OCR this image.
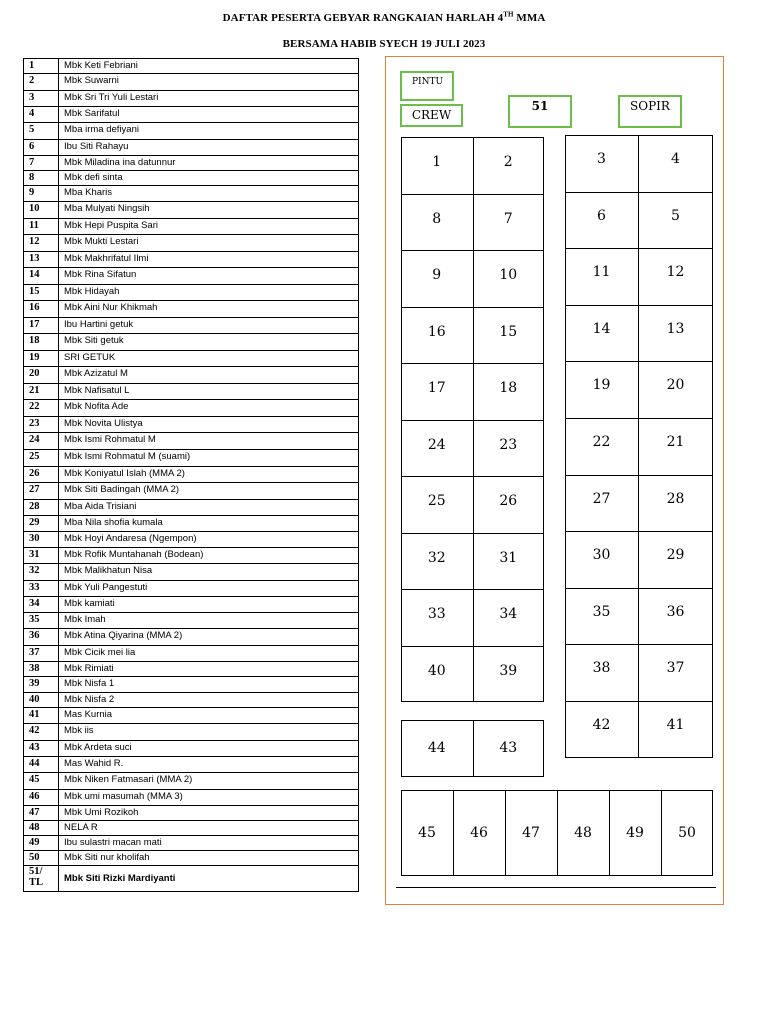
DAFTAR PESERTA GEBYAR RANGKAIAN HARLAH 4TH MMA
BERSAMA HABIB SYECH 19 JULI 2023
1	Mbk Keti Febriani
2	Mbk Suwarni
3	Mbk Sri Tri Yuli Lestari
4	Mbk Sarifatul
5	Mba irma defiyani
6	Ibu Siti Rahayu
7	Mbk Miladina ina datunnur
8	Mbk defi sinta
9	Mba Kharis
10	Mba Mulyati Ningsih
11	Mbk Hepi Puspita Sari
12	Mbk Mukti Lestari
13	Mbk Makhrifatul Ilmi
14	Mbk Rina Sifatun
15	Mbk Hidayah
16	Mbk Aini Nur Khikmah
17	Ibu Hartini getuk
18	Mbk Siti getuk
19	SRI GETUK
20	Mbk Azizatul M
21	Mbk Nafisatul L
22	Mbk Nofita Ade
23	Mbk Novita Ulistya
24	Mbk Ismi Rohmatul M
25	Mbk Ismi Rohmatul M (suami)
26	Mbk Koniyatul Islah (MMA 2)
27	Mbk Siti Badingah (MMA 2)
28	Mba Aida Trisiani
29	Mba Nila shofia kumala
30	Mbk Hoyi Andaresa (Ngempon)
31	Mbk Rofik Muntahanah (Bodean)
32	Mbk Malikhatun Nisa
33	Mbk Yuli Pangestuti
34	Mbk kamiati
35	Mbk Imah
36	Mbk Atina Qiyarina (MMA 2)
37	Mbk Cicik mei lia
38	Mbk Rimiati
39	Mbk Nisfa 1
40	Mbk Nisfa 2
41	Mas Kurnia
42	Mbk iis
43	Mbk Ardeta suci
44	Mas Wahid R.
45	Mbk Niken Fatmasari (MMA 2)
46	Mbk umi masumah (MMA 3)
47	Mbk Umi Rozikoh
48	NELA R
49	Ibu sulastri macan mati
50	Mbk Siti nur kholifah
51/ TL	Mbk Siti Rizki Mardiyanti
PINTU
CREW
51	SOPIR
1	2
8	7
9	10
16	15
17	18
24	23
25	26
32	31
33	34
40	39
3	4
6	5
11	12
14	13
19	20
22	21
27	28
30	29
35	36
38	37
42	41
44	43
45	46	47	48	49	50
